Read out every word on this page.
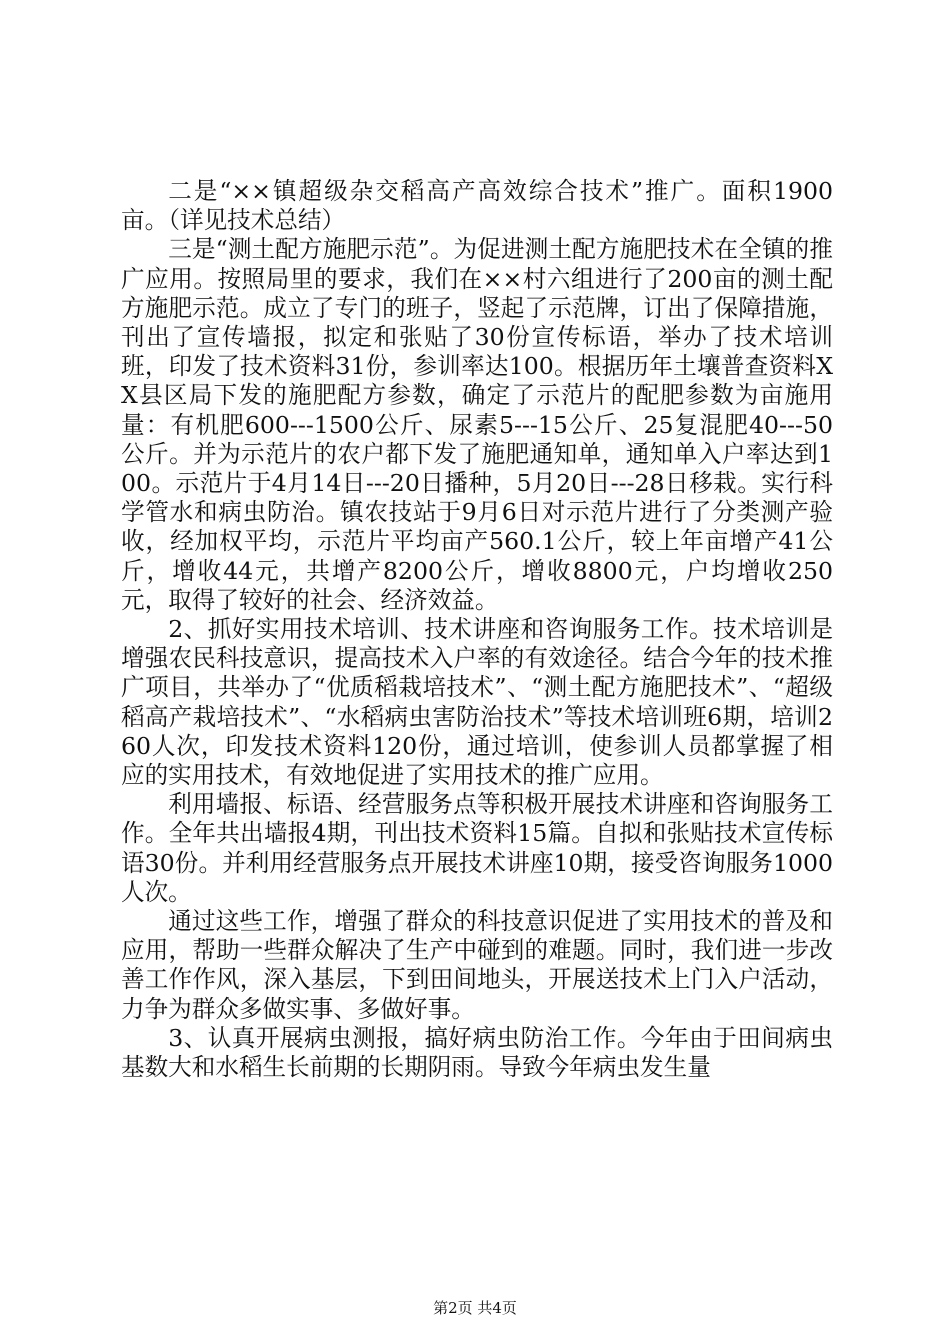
二是“××镇超级杂交稻高产高效综合技术”推广。面积1900亩。（详见技术总结）

三是“测土配方施肥示范”。为促进测土配方施肥技术在全镇的推广应用。按照局里的要求，我们在××村六组进行了200亩的测土配方施肥示范。成立了专门的班子，竖起了示范牌，订出了保障措施，刊出了宣传墙报，拟定和张贴了30份宣传标语，举办了技术培训班，印发了技术资料31份，参训率达100。根据历年土壤普查资料XX县区局下发的施肥配方参数，确定了示范片的配肥参数为亩施用量：有机肥600---1500公斤、尿素5---15公斤、25复混肥40---50公斤。并为示范片的农户都下发了施肥通知单，通知单入户率达到100。示范片于4月14日---20日播种，5月20日---28日移栽。实行科学管水和病虫防治。镇农技站于9月6日对示范片进行了分类测产验收，经加权平均，示范片平均亩产560.1公斤，较上年亩增产41公斤，增收44元，共增产8200公斤，增收8800元，户均增收250元，取得了较好的社会、经济效益。

2、抓好实用技术培训、技术讲座和咨询服务工作。技术培训是增强农民科技意识，提高技术入户率的有效途径。结合今年的技术推广项目，共举办了“优质稻栽培技术”、“测土配方施肥技术”、“超级稻高产栽培技术”、“水稻病虫害防治技术”等技术培训班6期，培训260人次，印发技术资料120份，通过培训，使参训人员都掌握了相应的实用技术，有效地促进了实用技术的推广应用。

利用墙报、标语、经营服务点等积极开展技术讲座和咨询服务工作。全年共出墙报4期，刊出技术资料15篇。自拟和张贴技术宣传标语30份。并利用经营服务点开展技术讲座10期，接受咨询服务1000人次。

通过这些工作，增强了群众的科技意识促进了实用技术的普及和应用，帮助一些群众解决了生产中碰到的难题。同时，我们进一步改善工作作风，深入基层，下到田间地头，开展送技术上门入户活动，力争为群众多做实事、多做好事。

3、认真开展病虫测报，搞好病虫防治工作。今年由于田间病虫基数大和水稻生长前期的长期阴雨。导致今年病虫发生量

第2页 共4页
